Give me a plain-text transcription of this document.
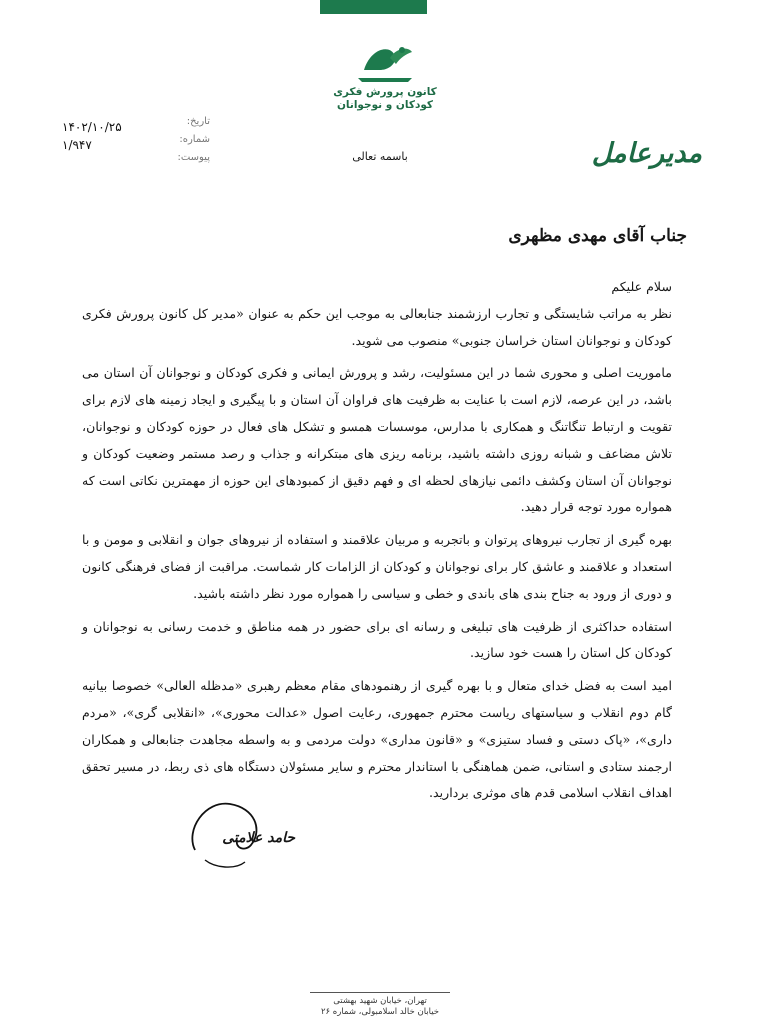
کانون پرورش فکری
کودکان و نوجوانان
تاریخ:
۱۴۰۲/۱۰/۲۵
شماره:
۱/۹۴۷
پیوست:	باسمه تعالی	مدیرعامل
جناب آقای مهدی مظهری

سلام علیکم

نظر به مراتب شایستگی و تجارب ارزشمند جنابعالی به موجب این حکم به عنوان «مدیر کل کانون پرورش فکری کودکان و نوجوانان استان خراسان جنوبی» منصوب می شوید.

ماموریت اصلی و محوری شما در این مسئولیت، رشد و پرورش ایمانی و فکری کودکان و نوجوانان آن استان می باشد، در این عرصه، لازم است با عنایت به ظرفیت های فراوان آن استان و با پیگیری و ایجاد زمینه های لازم برای تقویت و ارتباط تنگاتنگ و همکاری با مدارس، موسسات همسو و تشکل های فعال در حوزه کودکان و نوجوانان، تلاش مضاعف و شبانه روزی داشته باشید، برنامه ریزی های مبتکرانه و جذاب و رصد مستمر وضعیت کودکان و نوجوانان آن استان وکشف دائمی نیازهای لحظه ای و فهم دقیق از کمبودهای این حوزه از مهمترین نکاتی است که همواره مورد توجه قرار دهید.

بهره گیری از تجارب نیروهای پرتوان و باتجربه و مربیان علاقمند و استفاده از نیروهای جوان و انقلابی و مومن و با استعداد و علاقمند و عاشق کار برای نوجوانان و کودکان از الزامات کار شماست. مراقبت از فضای فرهنگی کانون و دوری از ورود به جناح بندی های باندی و خطی و سیاسی را همواره مورد نظر داشته باشید.

استفاده حداکثری از ظرفیت های تبلیغی و رسانه ای برای حضور در همه مناطق و خدمت رسانی به نوجوانان و کودکان کل استان را هست خود سازید.

امید است به فضل خدای متعال و با بهره گیری از رهنمودهای مقام معظم رهبری «مدظله العالی» خصوصا بیانیه گام دوم انقلاب و سیاستهای ریاست محترم جمهوری، رعایت اصول «عدالت محوری»، «انقلابی گری»، «مردم داری»، «پاک دستی و فساد ستیزی» و «قانون مداری» دولت مردمی و به واسطه مجاهدت جنابعالی و همکاران ارجمند ستادی و استانی، ضمن هماهنگی با استاندار محترم و سایر مسئولان دستگاه های ذی ربط، در مسیر تحقق اهداف انقلاب اسلامی قدم های موثری بردارید.

حامد علامتی
تهران، خیابان شهید بهشتی
خیابان خالد اسلامبولی، شماره ۲۶
